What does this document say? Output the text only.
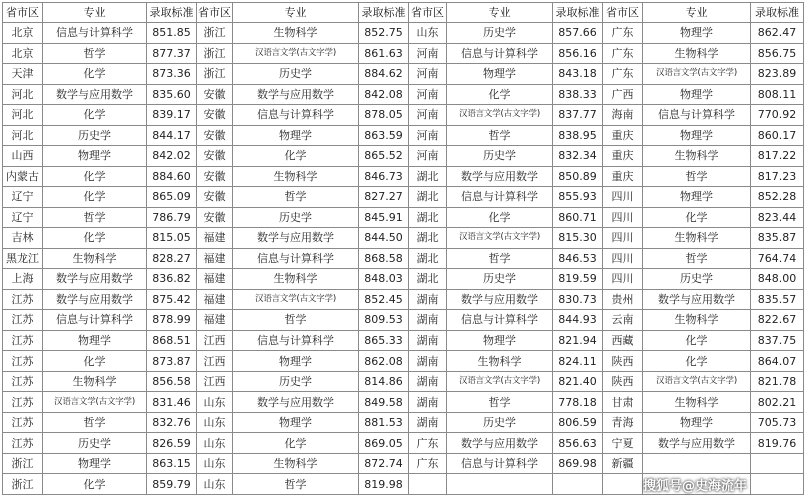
省市区	专业	录取标准	省市区	专业	录取标准	省市区	专业	录取标准	省市区	专业	录取标准
北京	信息与计算科学	851.85	浙江	生物科学	852.75	山东	历史学	857.66	广东	物理学	862.47
北京	哲学	877.37	浙江	汉语言文学(古文字学)	861.63	河南	信息与计算科学	856.16	广东	生物科学	856.75
天津	化学	873.36	浙江	历史学	884.62	河南	物理学	843.18	广东	汉语言文学(古文字学)	823.89
河北	数学与应用数学	835.60	安徽	数学与应用数学	842.08	河南	化学	838.33	广西	物理学	808.11
河北	化学	839.17	安徽	信息与计算科学	878.05	河南	汉语言文学(古文字学)	837.77	海南	信息与计算科学	770.92
河北	历史学	844.17	安徽	物理学	863.59	河南	哲学	838.95	重庆	物理学	860.17
山西	物理学	842.02	安徽	化学	865.52	河南	历史学	832.34	重庆	生物科学	817.22
内蒙古	化学	884.60	安徽	生物科学	846.73	湖北	数学与应用数学	850.89	重庆	哲学	817.23
辽宁	化学	865.09	安徽	哲学	827.27	湖北	信息与计算科学	855.93	四川	物理学	852.28
辽宁	哲学	786.79	安徽	历史学	845.91	湖北	化学	860.71	四川	化学	823.44
吉林	化学	815.05	福建	数学与应用数学	844.50	湖北	汉语言文学(古文字学)	815.30	四川	生物科学	835.87
黑龙江	生物科学	828.27	福建	信息与计算科学	868.58	湖北	哲学	846.53	四川	哲学	764.74
上海	数学与应用数学	836.82	福建	生物科学	848.03	湖北	历史学	819.59	四川	历史学	848.00
江苏	数学与应用数学	875.42	福建	汉语言文学(古文字学)	852.45	湖南	数学与应用数学	830.73	贵州	数学与应用数学	835.57
江苏	信息与计算科学	878.99	福建	哲学	809.53	湖南	信息与计算科学	844.93	云南	生物科学	822.67
江苏	物理学	868.51	江西	信息与计算科学	865.33	湖南	物理学	821.94	西藏	化学	837.75
江苏	化学	873.87	江西	物理学	862.08	湖南	生物科学	824.11	陕西	化学	864.07
江苏	生物科学	856.58	江西	历史学	814.86	湖南	汉语言文学(古文字学)	821.40	陕西	汉语言文学(古文字学)	821.78
江苏	汉语言文学(古文字学)	831.46	山东	数学与应用数学	849.58	湖南	哲学	778.18	甘肃	生物科学	802.21
江苏	哲学	832.76	山东	物理学	881.53	湖南	历史学	806.59	青海	物理学	705.73
江苏	历史学	826.59	山东	化学	869.05	广东	数学与应用数学	856.63	宁夏	数学与应用数学	819.76
浙江	物理学	863.15	山东	生物科学	872.74	广东	信息与计算科学	869.98	新疆		
浙江	化学	859.79	山东	哲学	819.98						
　	搜狐号@史海流年
